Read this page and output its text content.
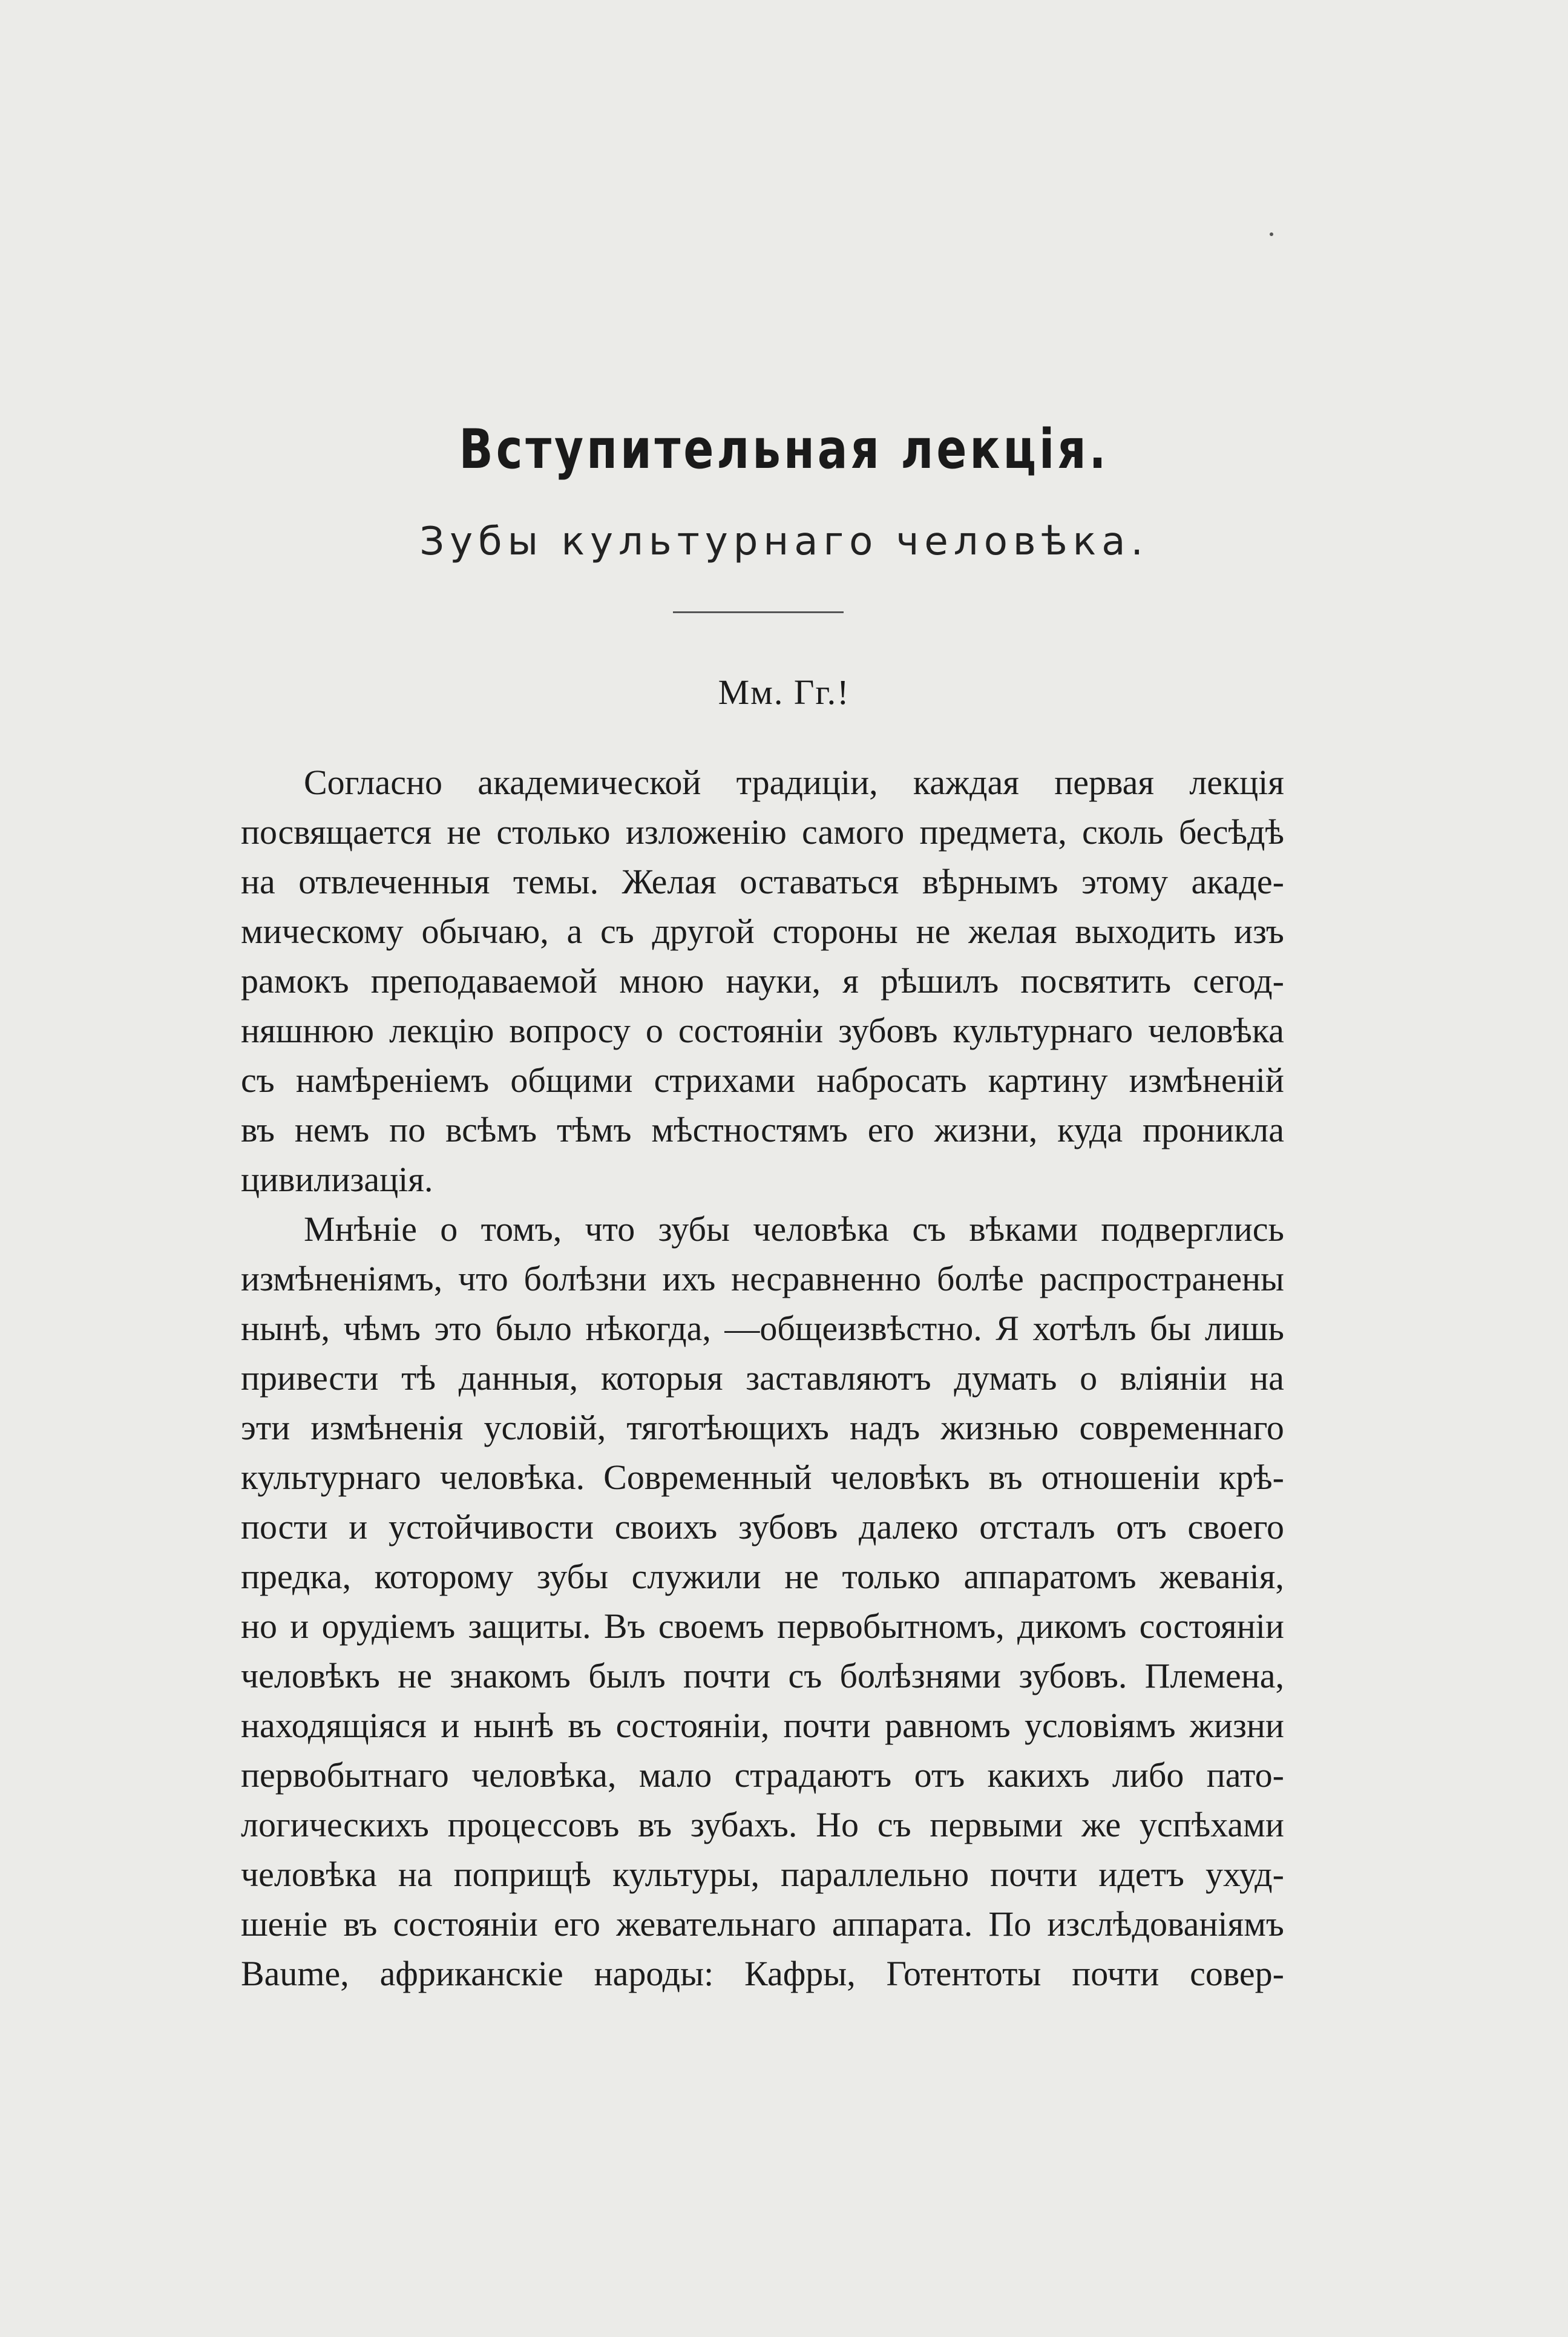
Вступительная лекція.
Зубы культурнаго человѣка.
Мм. Гг.!
Согласно академической традиціи, каждая первая лекція
посвящается не столько изложенію самого предмета, сколь бесѣдѣ
на отвлеченныя темы. Желая оставаться вѣрнымъ этому акаде-
мическому обычаю, а съ другой стороны не желая выходить изъ
рамокъ преподаваемой мною науки, я рѣшилъ посвятить сегод-
няшнюю лекцію вопросу о состояніи зубовъ культурнаго человѣка
съ намѣреніемъ общими стрихами набросать картину измѣненій
въ немъ по всѣмъ тѣмъ мѣстностямъ его жизни, куда проникла
цивилизація.
Мнѣніе о томъ, что зубы человѣка съ вѣками подверглись
измѣненіямъ, что болѣзни ихъ несравненно болѣе распространены
нынѣ, чѣмъ это было нѣкогда, —общеизвѣстно. Я хотѣлъ бы лишь
привести тѣ данныя, которыя заставляютъ думать о вліяніи на
эти измѣненія условій, тяготѣющихъ надъ жизнью современнаго
культурнаго человѣка. Современный человѣкъ въ отношеніи крѣ-
пости и устойчивости своихъ зубовъ далеко отсталъ отъ своего
предка, которому зубы служили не только аппаратомъ жеванія,
но и орудіемъ защиты. Въ своемъ первобытномъ, дикомъ состояніи
человѣкъ не знакомъ былъ почти съ болѣзнями зубовъ. Племена,
находящіяся и нынѣ въ состояніи, почти равномъ условіямъ жизни
первобытнаго человѣка, мало страдаютъ отъ какихъ либо пато-
логическихъ процессовъ въ зубахъ. Но съ первыми же успѣхами
человѣка на поприщѣ культуры, параллельно почти идетъ ухуд-
шеніе въ состояніи его жевательнаго аппарата. По изслѣдованіямъ
Baume, африканскіе народы: Кафры, Готентоты почти совер-
